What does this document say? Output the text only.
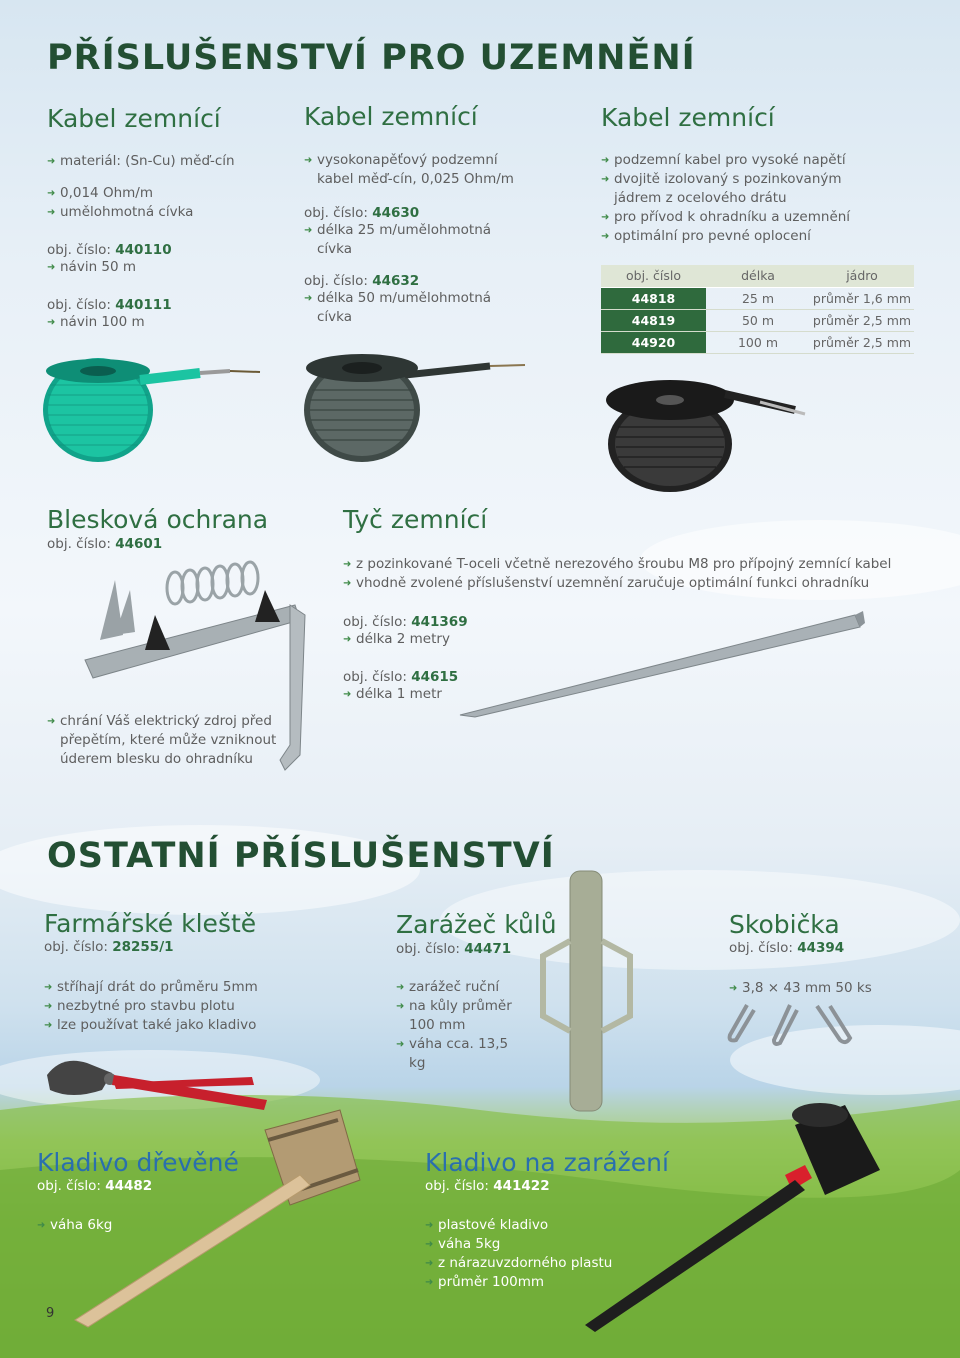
PŘÍSLUŠENSTVÍ PRO UZEMNĚNÍ
Kabel zemnící
➜ materiál: (Sn-Cu) měď-cín
➜ 0,014 Ohm/m
➜ umělohmotná cívka
obj. číslo: 440110
➜ návin 50 m
obj. číslo: 440111
➜ návin 100 m
Kabel zemnící
➜ vysokonapěťový podzemní kabel měď-cín, 0,025 Ohm/m
obj. číslo: 44630
➜ délka 25 m/umělohmotná cívka
obj. číslo: 44632
➜ délka 50 m/umělohmotná cívka
Kabel zemnící
➜ podzemní kabel pro vysoké napětí
➜ dvojitě izolovaný s pozinkovaným jádrem z ocelového drátu
➜ pro přívod k ohradníku a uzemnění
➜ optimální pro pevné oplocení
obj. číslo	délka	jádro
44818	25 m	průměr 1,6 mm
44819	50 m	průměr 2,5 mm
44920	100 m	průměr 2,5 mm
Blesková ochrana
obj. číslo: 44601
➜ chrání Váš elektrický zdroj před přepětím, které může vzniknout úderem blesku do ohradníku
Tyč zemnící
➜ z pozinkované T-oceli včetně nerezového šroubu M8 pro přípojný zemnící kabel
➜ vhodně zvolené příslušenství uzemnění zaručuje optimální funkci ohradníku
obj. číslo: 441369
➜ délka 2 metry
obj. číslo: 44615
➜ délka 1 metr
OSTATNÍ PŘÍSLUŠENSTVÍ
Farmářské kleště
obj. číslo: 28255/1
➜ stříhají drát do průměru 5mm
➜ nezbytné pro stavbu plotu
➜ lze používat také jako kladivo
Zarážeč kůlů
obj. číslo: 44471
➜ zarážeč ruční
➜ na kůly průměr 100 mm
➜ váha cca. 13,5 kg
Skobička
obj. číslo: 44394
➜ 3,8 × 43 mm 50 ks
Kladivo dřevěné
obj. číslo: 44482
➜ váha 6kg
Kladivo na zarážení
obj. číslo: 441422
➜ plastové kladivo
➜ váha 5kg
➜ z nárazuvzdorného plastu
➜ průměr 100mm
9
